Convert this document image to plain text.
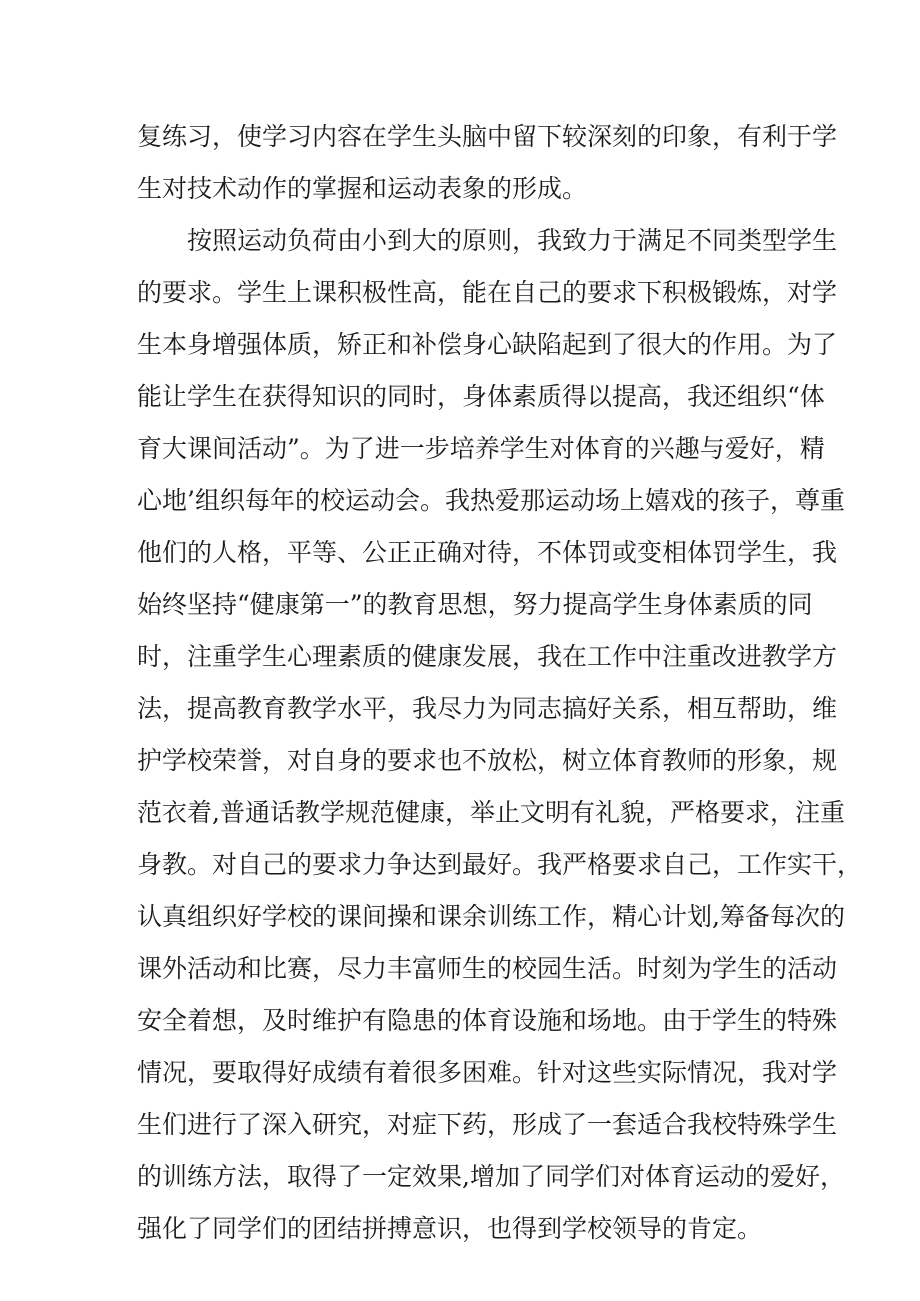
复练习，使学习内容在学生头脑中留下较深刻的印象，有利于学
生对技术动作的掌握和运动表象的形成。
按照运动负荷由小到大的原则，我致力于满足不同类型学生
的要求。学生上课积极性高，能在自己的要求下积极锻炼，对学
生本身增强体质，矫正和补偿身心缺陷起到了很大的作用。为了
能让学生在获得知识的同时，身体素质得以提高，我还组织“体
育大课间活动”。为了进一步培养学生对体育的兴趣与爱好，精
心地’组织每年的校运动会。我热爱那运动场上嬉戏的孩子，尊重
他们的人格，平等、公正正确对待，不体罚或变相体罚学生，我
始终坚持“健康第一”的教育思想，努力提高学生身体素质的同
时，注重学生心理素质的健康发展，我在工作中注重改进教学方
法，提高教育教学水平，我尽力为同志搞好关系，相互帮助，维
护学校荣誉，对自身的要求也不放松，树立体育教师的形象，规
范衣着,普通话教学规范健康，举止文明有礼貌，严格要求，注重
身教。对自己的要求力争达到最好。我严格要求自己，工作实干，
认真组织好学校的课间操和课余训练工作，精心计划,筹备每次的
课外活动和比赛，尽力丰富师生的校园生活。时刻为学生的活动
安全着想，及时维护有隐患的体育设施和场地。由于学生的特殊
情况，要取得好成绩有着很多困难。针对这些实际情况，我对学
生们进行了深入研究，对症下药，形成了一套适合我校特殊学生
的训练方法，取得了一定效果,增加了同学们对体育运动的爱好，
强化了同学们的团结拼搏意识，也得到学校领导的肯定。
